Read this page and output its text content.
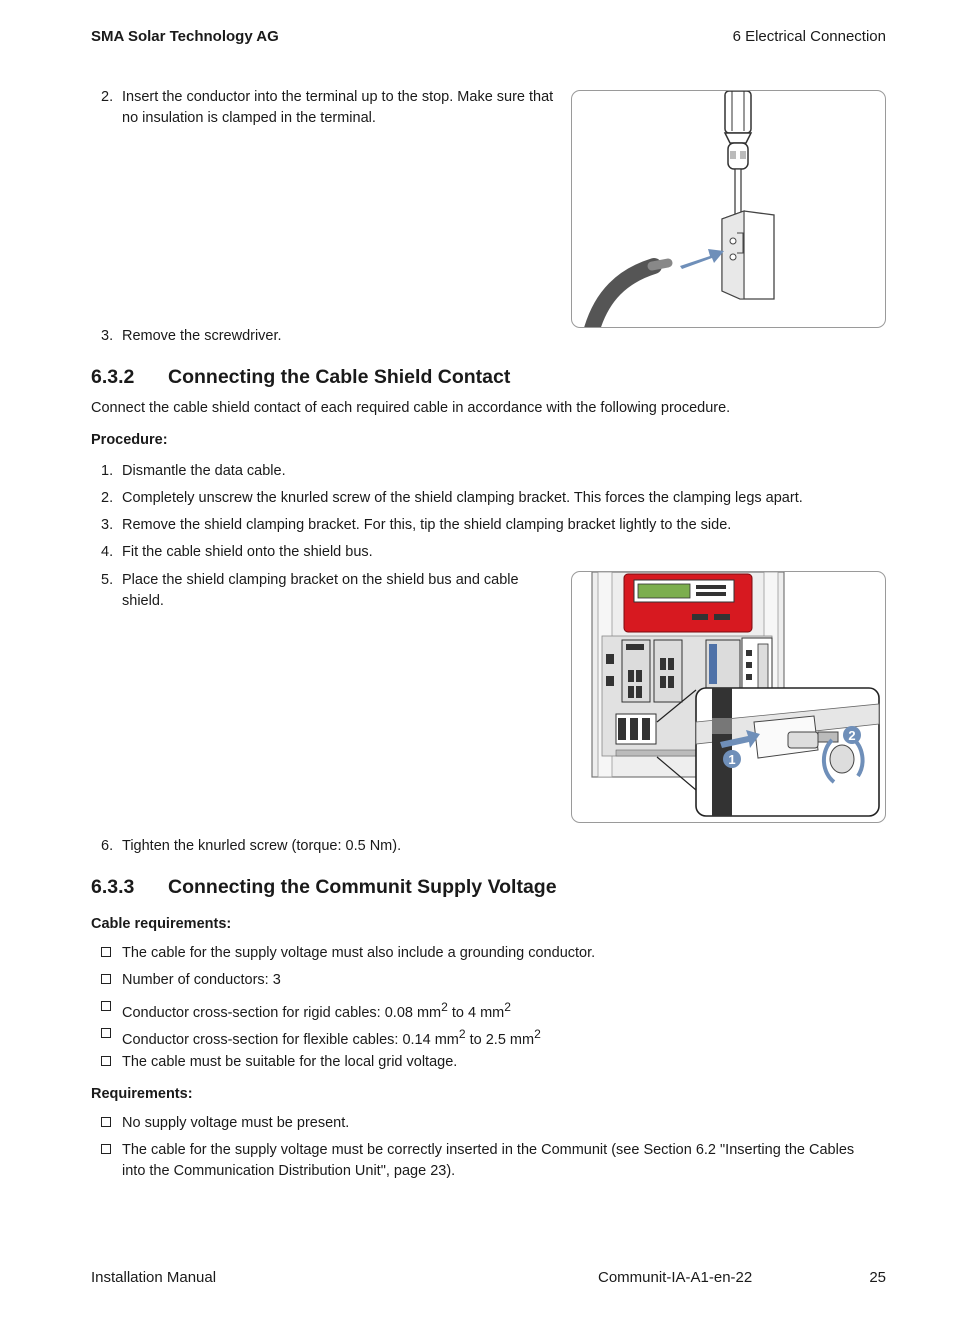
SMA Solar Technology AG	6 Electrical Connection
2. Insert the conductor into the terminal up to the stop. Make sure that
no insulation is clamped in the terminal.
3. Remove the screwdriver.
6.3.2 Connecting the Cable Shield Contact
Connect the cable shield contact of each required cable in accordance with the following procedure.
Procedure:
1. Dismantle the data cable.
2. Completely unscrew the knurled screw of the shield clamping bracket. This forces the clamping legs apart.
3. Remove the shield clamping bracket. For this, tip the shield clamping bracket lightly to the side.
4. Fit the cable shield onto the shield bus.
5. Place the shield clamping bracket on the shield bus and cable
shield.
1
2
6. Tighten the knurled screw (torque: 0.5 Nm).
6.3.3 Connecting the Communit Supply Voltage
Cable requirements:
The cable for the supply voltage must also include a grounding conductor.
Number of conductors: 3
Conductor cross-section for rigid cables: 0.08 $mm^2$ to 4 $mm^2$
Conductor cross-section for flexible cables: 0.14 $mm^2$ to 2.5 $mm^2$
The cable must be suitable for the local grid voltage.
Requirements:
No supply voltage must be present.
The cable for the supply voltage must be correctly inserted in the Communit (see Section 6.2 "Inserting the Cables
into the Communication Distribution Unit", page 23).
Installation Manual	Communit-IA-A1-en-22	25
